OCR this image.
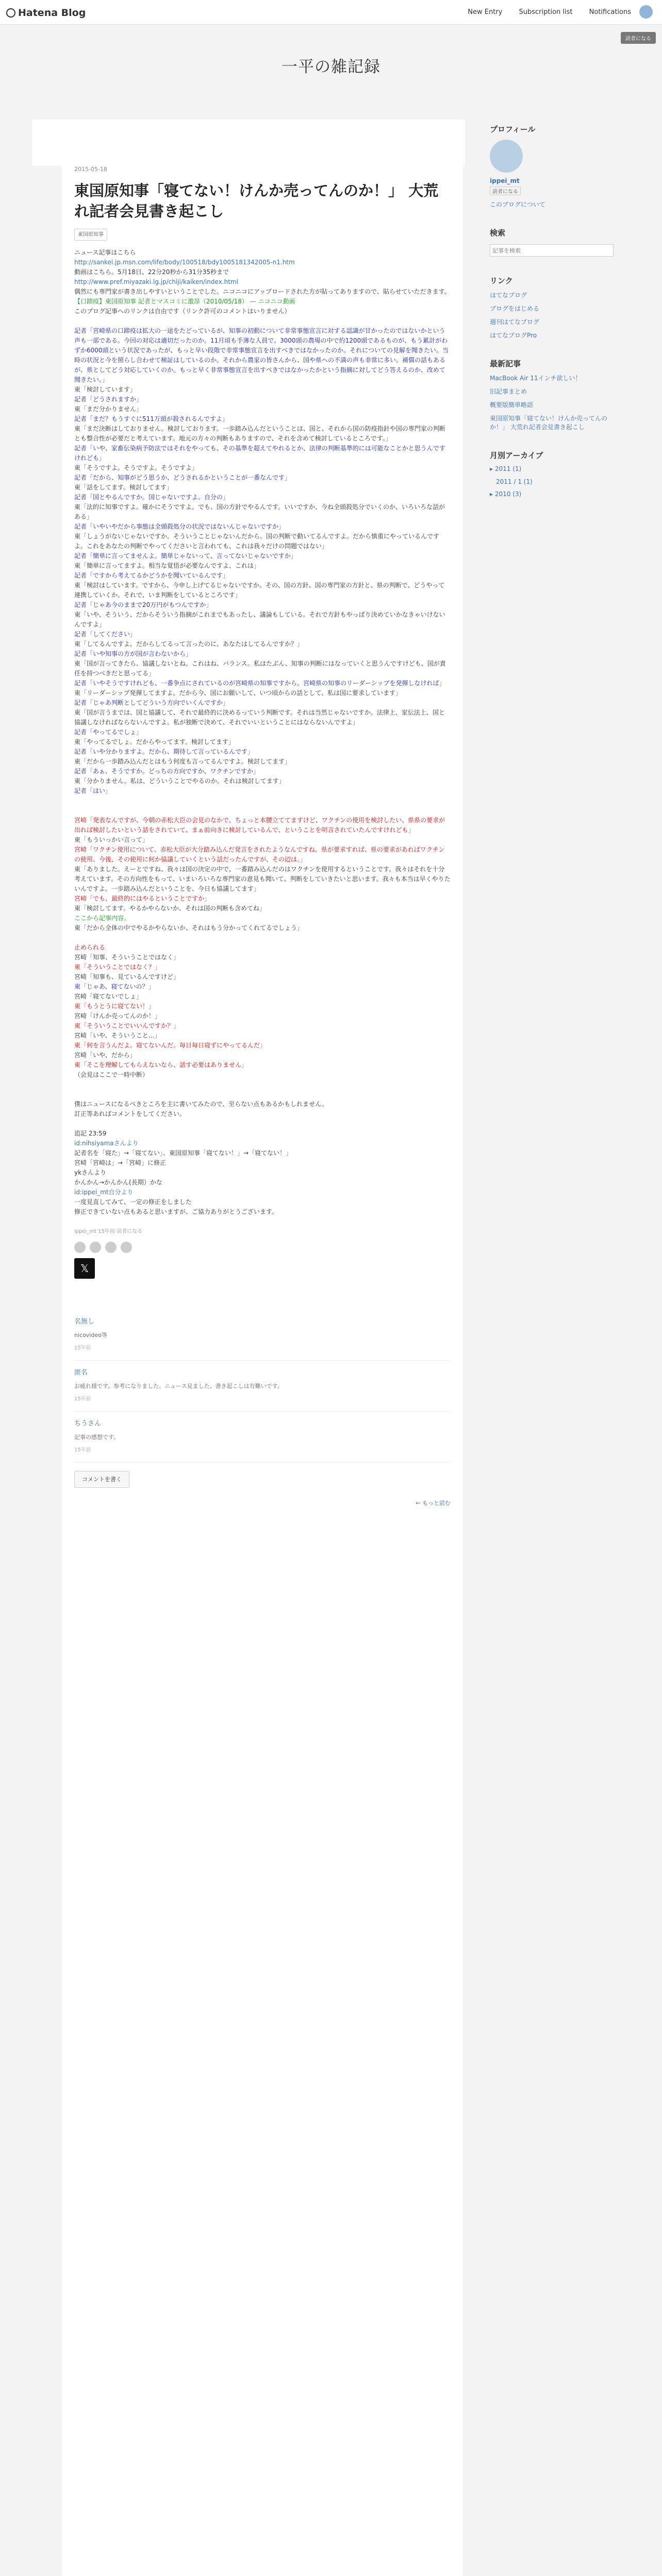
Hatena Blog	New Entry Subscription list Notifications
読者になる
一平の雑記録
2015-05-18
東国原知事「寝てない！けんか売ってんのか！」 大荒れ記者会見書き起こし
東国原知事

ニュース記事はこちら

http://sankei.jp.msn.com/life/body/100518/bdy1005181342005-n1.htm

動画はこちら。5月18日、22分20秒から31分35秒まで

http://www.pref.miyazaki.lg.jp/chiji/kaiken/index.html

偶然にも専門家が書き出しやすいということでした。ニコニコにアップロードされた方が貼ってありますので、貼らせていただきます。

【口蹄疫】東国原知事 記者とマスコミに激昂（2010/05/18） — ニコニコ動画

このブログ記事へのリンクは自由です（リンク許可のコメントはいりません）

記者「宮崎県の口蹄疫は拡大の一途をたどっているが、知事の初動について非常事態宣言に対する認識が甘かったのではないかという声も一部である。今回の対応は適切だったのか。11月頃も手薄な人員で。3000頭の農場の中で約1200頭であるものが、もう累計がわずか6000頭という状況であったが、もっと早い段階で非常事態宣言を出すべきではなかったのか。それについての見解を聞きたい。当時の状況と今を照らし合わせて検証はしているのか。それから農家の皆さんから、国や県への不満の声も非常に多い。補償の話もあるが、県としてどう対応していくのか。もっと早く非常事態宣言を出すべきではなかったかという指摘に対してどう答えるのか、改めて聞きたい。」

東「検討しています」

記者「どうされますか」

東「まだ分かりません」

記者「まだ？もうすぐに511万頭が殺されるんですよ」

東「まだ決断はしておりません。検討しております。一歩踏み込んだということは、国と、それから国の防疫指針や国の専門家の判断とも整合性が必要だと考えています。地元の方々の判断もありますので、それを含めて検討しているところです。」

記者「いや、家畜伝染病予防法ではそれをやっても、その基準を超えてやれるとか、法律の判断基準的には可能なことかと思うんですけれども」

東「そうですよ。そうですよ。そうですよ」

記者「だから、知事がどう思うか、どうされるかということが一番なんです」

東「話をしてます。検討してます」

記者「国とやるんですか。国じゃないですよ。自分の」

東「法的に知事ですよ。確かにそうですよ。でも、国の方針でやるんです。いいですか、今ね全頭殺処分でいくのか、いろいろな話がある」

記者「いやいやだから事態は全頭殺処分の状況ではないんじゃないですか」

東「しょうがないじゃないですか。そういうことじゃないんだから。国の判断で動いてるんですよ。だから慎重にやっているんですよ。これをあなたの判断でやってくださいと言われても、これは我々だけの問題ではない」

記者「簡単に言ってませんよ。簡単じゃないって、言ってないじゃないですか」

東「簡単に言ってますよ。相当な覚悟が必要なんですよ、これは」

記者「ですから考えてるかどうかを聞いているんです」

東「検討はしています。ですから、今申し上げてるじゃないですか。その、国の方針、国の専門家の方針と、県の判断で、どうやって連携していくか。それで、いま判断をしているところです」

記者「じゃあ今のままで20万円がもつんですか」

東「いや、そういう、だからそういう指摘がこれまでもあったし、議論もしている。それで方針もやっぱり決めていかなきゃいけないんですよ」

記者「してください」

東「してるんですよ。だからしてるって言ったのに、あなたはしてるんですか？」

記者「いや知事の方が国が言わないから」

東「国が言ってきたら、協議しないとね。これはね、バランス。私はたぶん、知事の判断にはなっていくと思うんですけども、国が責任を持つべきだと思ってる」

記者「いやそうですけれども、一番争点にされているのが宮崎県の知事ですから。宮崎県の知事のリーダーシップを発揮しなければ」

東「リーダーシップ発揮してますよ。だから今、国にお願いして、いつ頃からの話として、私は国に要求しています」

記者「じゃあ判断としてどういう方向でいくんですか」

東「国が言うまでは、国と協議して、それで最終的に決めるっていう判断です。それは当然じゃないですか。法律上、家伝法上、国と協議しなければならないんですよ。私が独断で決めて、それでいいということにはならないんですよ」

記者「やってるでしょ」

東「やってるでしょ。だからやってます。検討してます」

記者「いや分かりますよ。だから、期待して言っているんです」

東「だから一歩踏み込んだとはもう何度も言ってるんですよ。検討してます」

記者「あぁ、そうですか。どっちの方向ですか、ワクチンですか」

東「分かりません。私は、どういうことでやるのか。それは検討してます」

記者「はい」

宮崎「発表なんですが、今朝の赤松大臣の会見のなかで、ちょっと本腰立ててますけど、ワクチンの使用を検討したい、県県の要求が出れば検討したいという話をされていて、まぁ前向きに検討しているんで、ということを明言されていたんですけれども」

東「もういっかい言って」

宮崎「ワクチン使用について、赤松大臣が大分踏み込んだ発言をされたようなんですね。県が要求すれば、県の要求があればワクチンの使用、今後、その使用に何か協議していくという話だったんですが、その辺は。」

東「ありました。えーとですね、我々は国の決定の中で、一番踏み込んだのはワクチンを使用するということです。我々はそれを十分考えています。その方向性をもって、いまいろいろな専門家の意見も聞いて、判断をしていきたいと思います。我々も本当は早くやりたいんですよ。一歩踏み込んだということを、今日も協議してます」

宮崎「でも、最終的にはやるということですか」

東「検討してます。やるかやらないか、それは国の判断も含めてね」

ここから記事内容。

東「だから全体の中でやるかやらないか、それはもう分かってくれてるでしょう」

止められる

宮崎「知事、そういうことではなく」

東「そういうことではなく？」

宮崎「知事も、見ているんですけど」

東「じゃあ、寝てないの？」

宮崎「寝てないでしょ」

東「もうとうに寝てない！」

宮崎「けんか売ってんのか！」

東「そういうことでいいんですか？」

宮崎「いや、そういうこと...」

東「何を言うんだよ。寝てないんだ。毎日毎日寝ずにやってるんだ」

宮崎「いや、だから」

東「そこを理解してもらえないなら、話す必要はありません」

（会見はここで一時中断）

僕はニュースになるべきところを主に書いてみたので、至らない点もあるかもしれません。

訂正等あればコメントをしてください。

追記 23:59

id:nihsiyamaさんより

記者名を「寝た」→「寝てない」、東国原知事「寝てない！」→「寝てない！」

宮崎「宮崎は」→「宮崎」に修正

ykさんより

かんかん→かんかん(長期）かな

id:ippei_mt自分より

一度見直してみて、一定の修正をしました

修正できていない点もあると思いますが、ご協力ありがとうございます。

ippei_mt 15年前 読者になる
𝕏
名無し
nicovideo等
15年前
匿名
お疲れ様です。参考になりました。ニュース見ました。書き起こしは有難いです。
15年前
ちうさん
記事の感想です。
15年前
コメントを書く
← もっと読む
プロフィール
ippei_mt
読者になる
このブログについて
検索
記事を検索
リンク
はてなブログ
ブログをはじめる
週刊はてなブログ
はてなブログPro
最新記事
MacBook Air 11インチ欲しい！
旧記事まとめ
概要版簡単略語
東国原知事「寝てない！けんか売ってんのか！」 大荒れ記者会見書き起こし
月別アーカイブ
▸ 2011 (1)
　2011 / 1 (1)
▸ 2010 (3)
